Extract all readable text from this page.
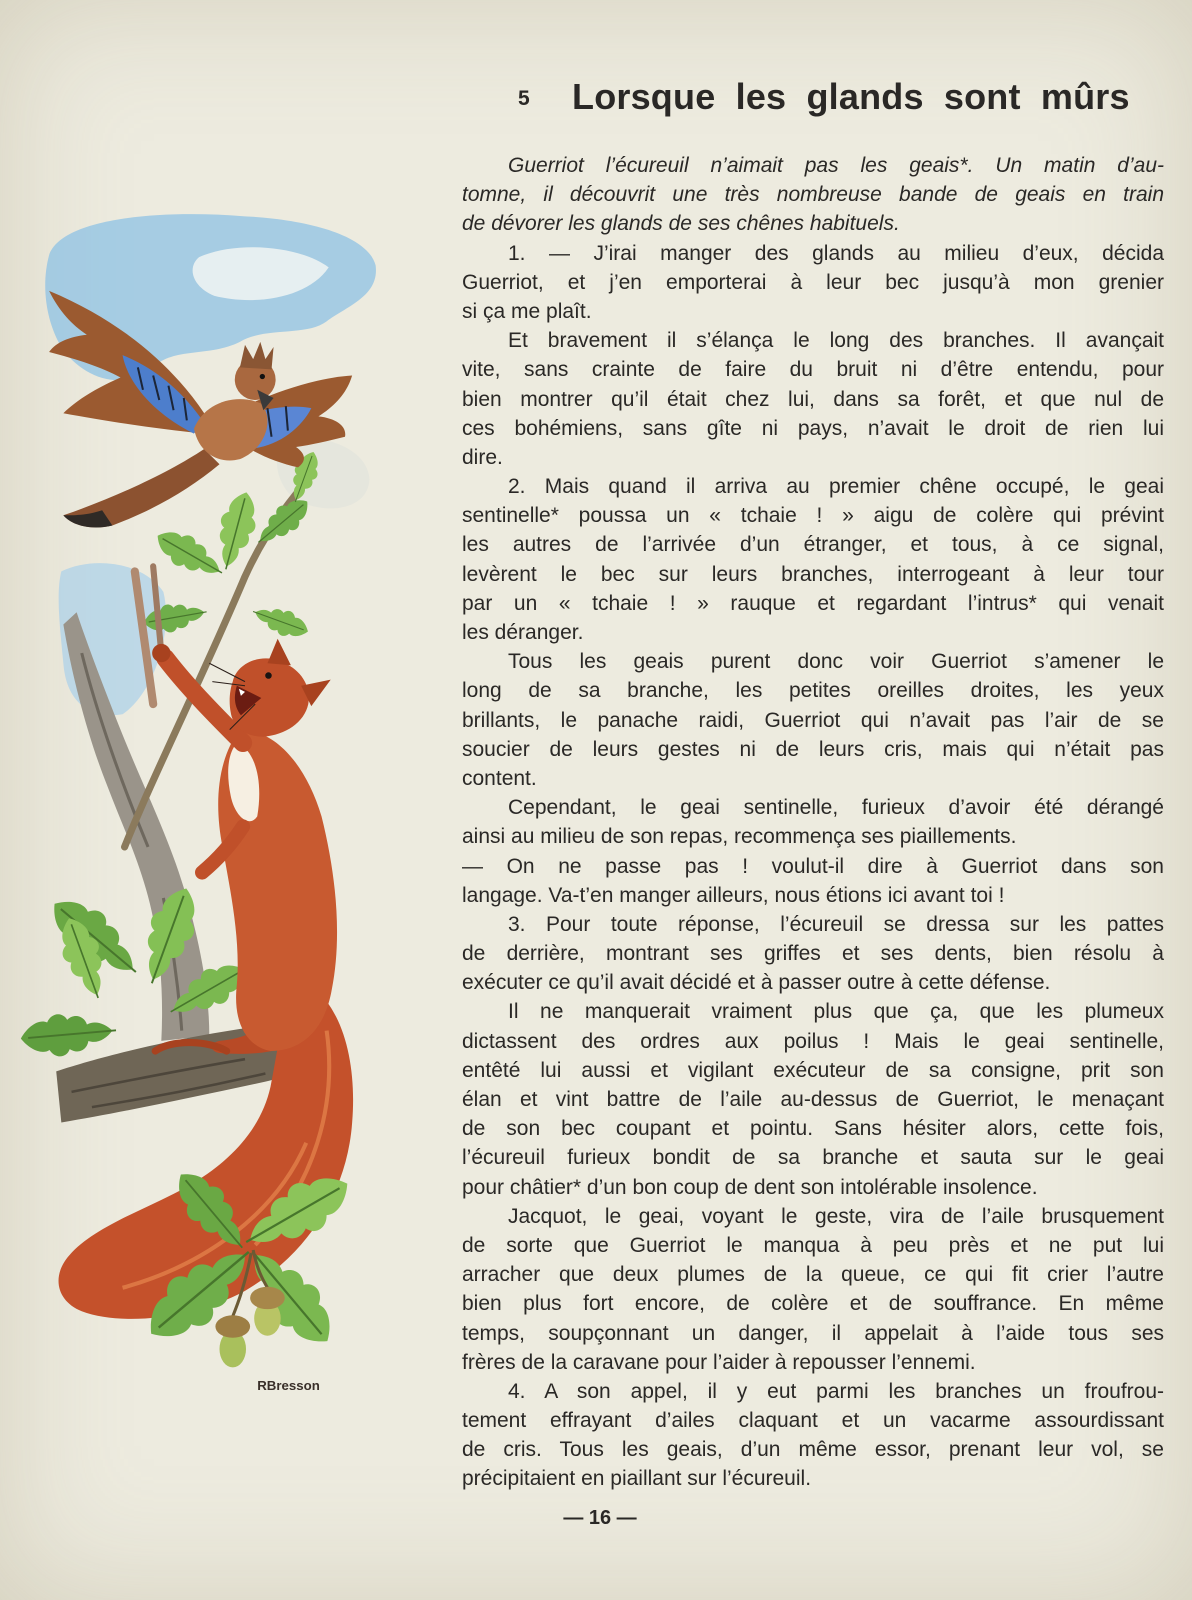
RBresson
5 Lorsque les glands sont mûrs
Guerriot l’écureuil n’aimait pas les geais*. Un matin d’au-
tomne, il découvrit une très nombreuse bande de geais en train
de dévorer les glands de ses chênes habituels.
1. — J’irai manger des glands au milieu d’eux, décida
Guerriot, et j’en emporterai à leur bec jusqu’à mon grenier
si ça me plaît.
Et bravement il s’élança le long des branches. Il avançait
vite, sans crainte de faire du bruit ni d’être entendu, pour
bien montrer qu’il était chez lui, dans sa forêt, et que nul de
ces bohémiens, sans gîte ni pays, n’avait le droit de rien lui
dire.
2. Mais quand il arriva au premier chêne occupé, le geai
sentinelle* poussa un « tchaie ! » aigu de colère qui prévint
les autres de l’arrivée d’un étranger, et tous, à ce signal,
levèrent le bec sur leurs branches, interrogeant à leur tour
par un « tchaie ! » rauque et regardant l’intrus* qui venait
les déranger.
Tous les geais purent donc voir Guerriot s’amener le
long de sa branche, les petites oreilles droites, les yeux
brillants, le panache raidi, Guerriot qui n’avait pas l’air de se
soucier de leurs gestes ni de leurs cris, mais qui n’était pas
content.
Cependant, le geai sentinelle, furieux d’avoir été dérangé
ainsi au milieu de son repas, recommença ses piaillements.
— On ne passe pas ! voulut-il dire à Guerriot dans son
langage. Va-t’en manger ailleurs, nous étions ici avant toi !
3. Pour toute réponse, l’écureuil se dressa sur les pattes
de derrière, montrant ses griffes et ses dents, bien résolu à
exécuter ce qu’il avait décidé et à passer outre à cette défense.
Il ne manquerait vraiment plus que ça, que les plumeux
dictassent des ordres aux poilus ! Mais le geai sentinelle,
entêté lui aussi et vigilant exécuteur de sa consigne, prit son
élan et vint battre de l’aile au-dessus de Guerriot, le menaçant
de son bec coupant et pointu. Sans hésiter alors, cette fois,
l’écureuil furieux bondit de sa branche et sauta sur le geai
pour châtier* d’un bon coup de dent son intolérable insolence.
Jacquot, le geai, voyant le geste, vira de l’aile brusquement
de sorte que Guerriot le manqua à peu près et ne put lui
arracher que deux plumes de la queue, ce qui fit crier l’autre
bien plus fort encore, de colère et de souffrance. En même
temps, soupçonnant un danger, il appelait à l’aide tous ses
frères de la caravane pour l’aider à repousser l’ennemi.
4. A son appel, il y eut parmi les branches un froufrou-
tement effrayant d’ailes claquant et un vacarme assourdissant
de cris. Tous les geais, d’un même essor, prenant leur vol, se
précipitaient en piaillant sur l’écureuil.
— 16 —
